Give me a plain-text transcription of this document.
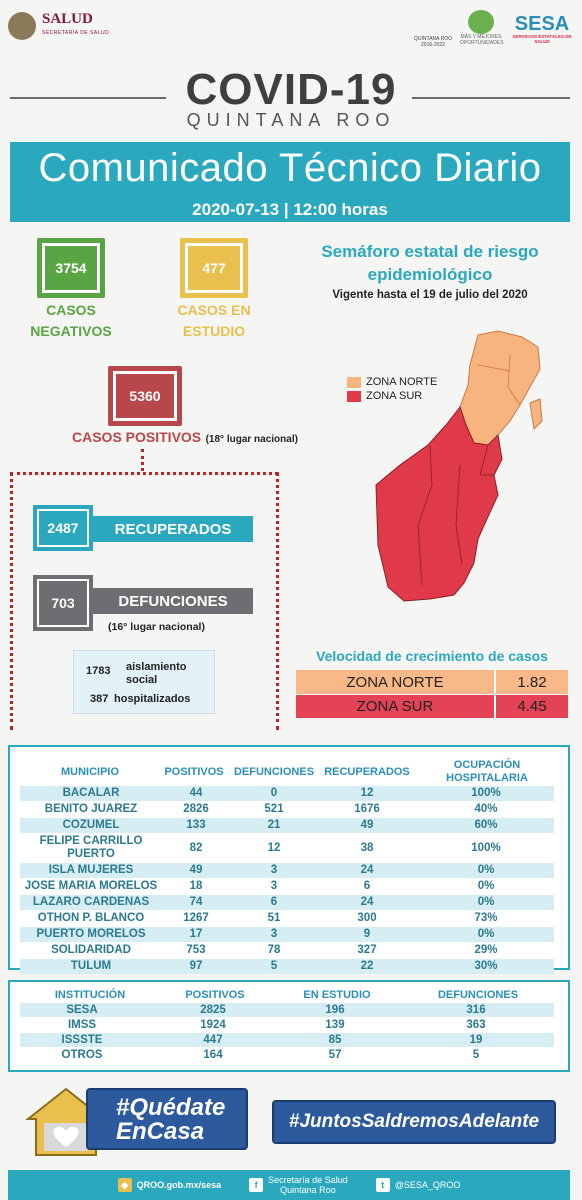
SALUD
SECRETARÍA DE SALUD
QUINTANA ROO 2016-2022
MÁS Y MEJORES OPORTUNIDADES
SESA
SERVICIOS ESTATALES DE SALUD
COVID-19
QUINTANA ROO
Comunicado Técnico Diario
2020-07-13 | 12:00 horas
3754
CASOS
NEGATIVOS
477
CASOS EN
ESTUDIO
5360
CASOS POSITIVOS (18° lugar nacional)
2487	RECUPERADOS
703	DEFUNCIONES
(16° lugar nacional)
1783	aislamiento
social
387 hospitalizados
Semáforo estatal de riesgo
epidemiológico
Vigente hasta el 19 de julio del 2020
ZONA NORTE
ZONA SUR
Velocidad de crecimiento de casos
ZONA NORTE	1.82
ZONA SUR	4.45
MUNICIPIO	POSITIVOS DEFUNCIONES RECUPERADOS
OCUPACIÓN
HOSPITALARIA
BACALAR	44	0	12	100%
BENITO JUAREZ	2826	521	1676	40%
COZUMEL	133	21	49	60%
FELIPE CARRILLO
PUERTO
82	12	38	100%
ISLA MUJERES	49	3	24	0%
JOSE MARIA MORELOS	18	3	6	0%
LAZARO CARDENAS	74	6	24	0%
OTHON P. BLANCO	1267	51	300	73%
PUERTO MORELOS	17	3	9	0%
SOLIDARIDAD	753	78	327	29%
TULUM	97	5	22	30%
INSTITUCIÓN	POSITIVOS	EN ESTUDIO	DEFUNCIONES
SESA	2825	196	316
IMSS	1924	139	363
ISSSTE	447	85	19
OTROS	164	57	5
#Quédate
EnCasa	#JuntosSaldremosAdelante
◆ QROO.gob.mx/sesa	f	Secretaría de Salud
Quintana Roo	t	@SESA_QROO
